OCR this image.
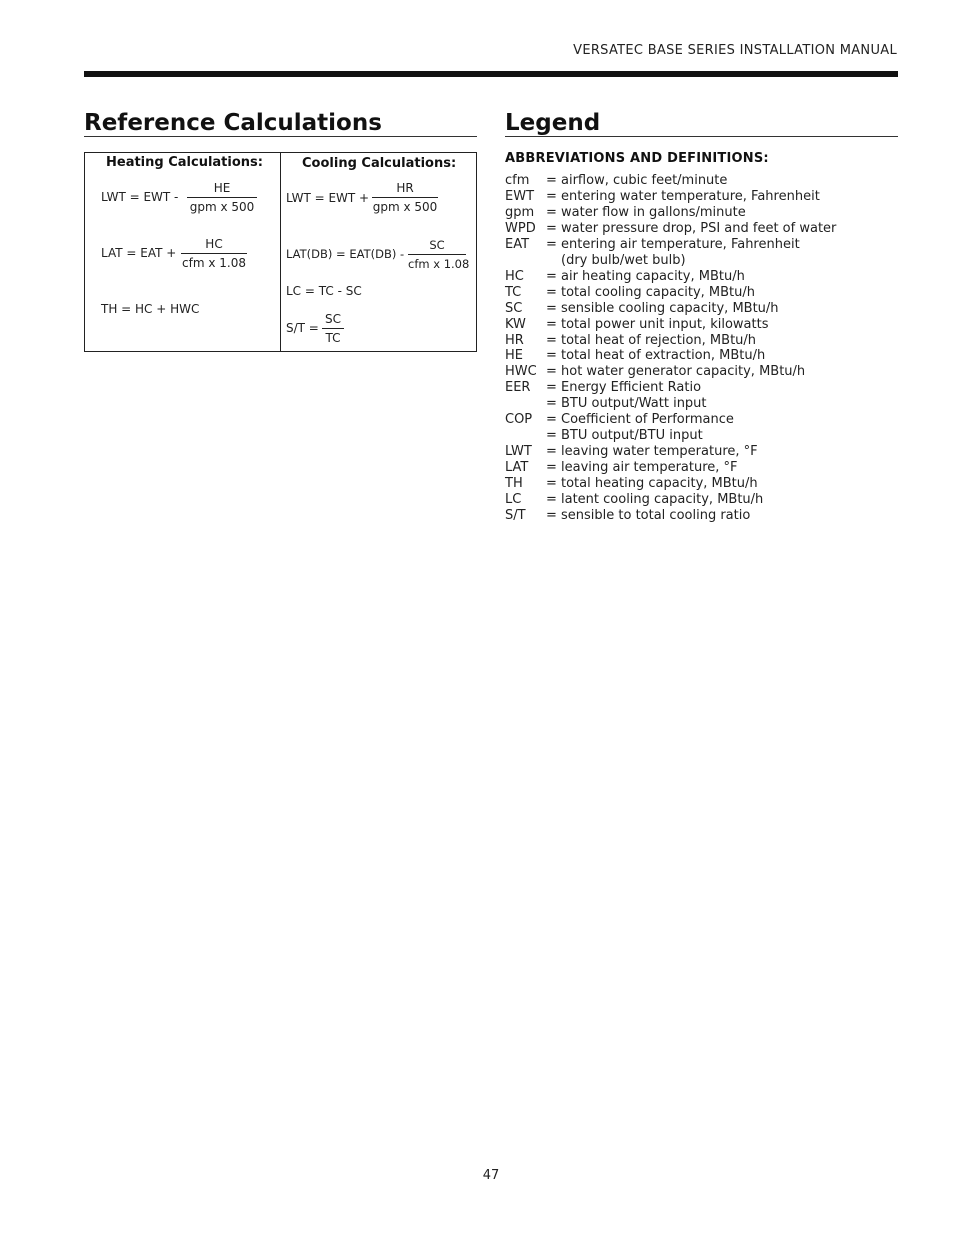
VERSATEC BASE SERIES INSTALLATION MANUAL
Reference Calculations	Legend
Heating Calculations:
LWT = EWT -
HE
gpm x 500
LAT = EAT +
HC
cfm x 1.08
TH = HC + HWC
Cooling Calculations:
LWT = EWT +
HR
gpm x 500
LAT(DB) = EAT(DB) -
SC
cfm x 1.08
LC = TC - SC
$S/T = \frac{SC}{TC}$
ABBREVIATIONS AND DEFINITIONS:
cfm	= airflow, cubic feet/minute
EWT = entering water temperature, Fahrenheit
gpm = water flow in gallons/minute
WPD = water pressure drop, PSI and feet of water
EAT	= entering air temperature, Fahrenheit
(dry bulb/wet bulb)
HC	= air heating capacity, MBtu/h
TC	= total cooling capacity, MBtu/h
SC	= sensible cooling capacity, MBtu/h
KW	= total power unit input, kilowatts
HR	= total heat of rejection, MBtu/h
HE	= total heat of extraction, MBtu/h
HWC = hot water generator capacity, MBtu/h
EER	= Energy Efficient Ratio
= BTU output/Watt input
COP	= Coefficient of Performance
= BTU output/BTU input
LWT	= leaving water temperature, °F
LAT	= leaving air temperature, °F
TH	= total heating capacity, MBtu/h
LC	= latent cooling capacity, MBtu/h
S/T	= sensible to total cooling ratio
47
